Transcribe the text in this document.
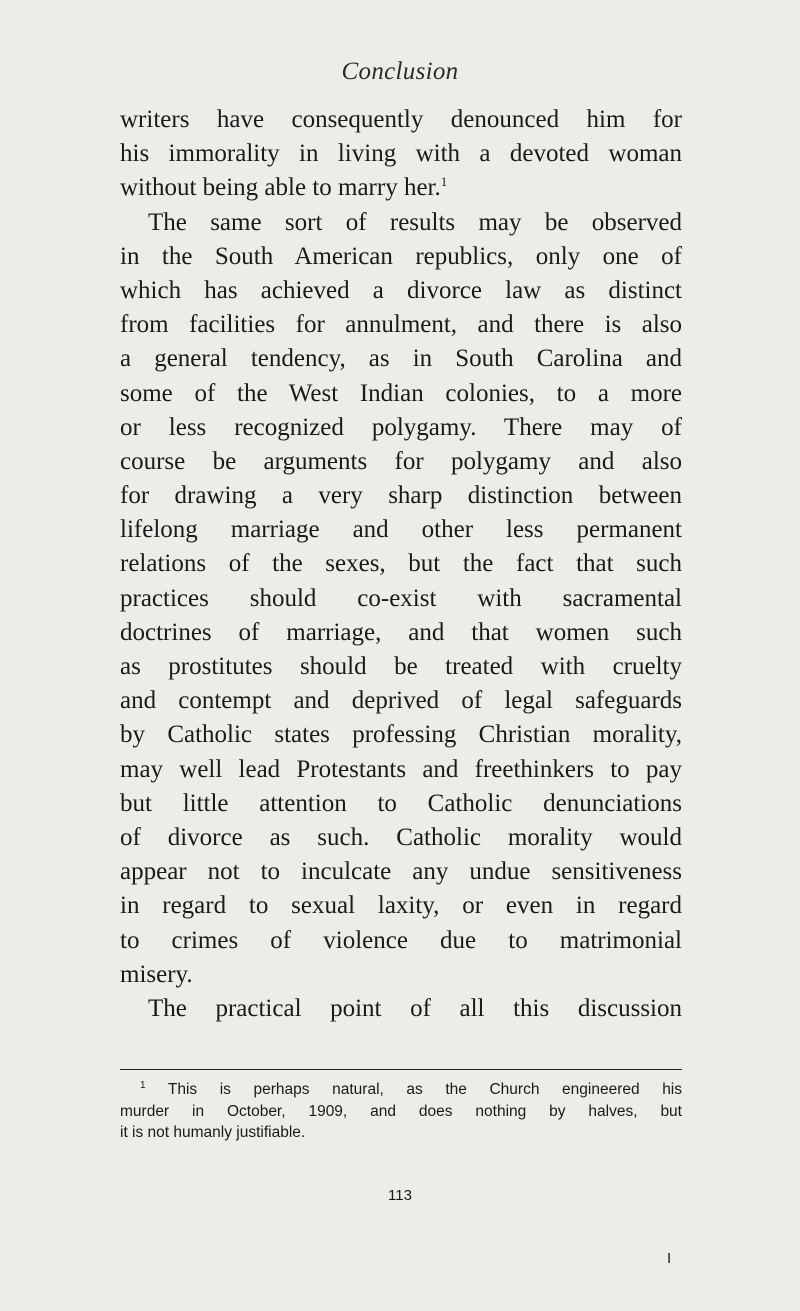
Conclusion
writers have consequently denounced him for
his immorality in living with a devoted woman
without being able to marry her.$^1$
The same sort of results may be observed
in the South American republics, only one of
which has achieved a divorce law as distinct
from facilities for annulment, and there is also
a general tendency, as in South Carolina and
some of the West Indian colonies, to a more
or less recognized polygamy. There may of
course be arguments for polygamy and also
for drawing a very sharp distinction between
lifelong marriage and other less permanent
relations of the sexes, but the fact that such
practices should co-exist with sacramental
doctrines of marriage, and that women such
as prostitutes should be treated with cruelty
and contempt and deprived of legal safeguards
by Catholic states professing Christian morality,
may well lead Protestants and freethinkers to pay
but little attention to Catholic denunciations
of divorce as such. Catholic morality would
appear not to inculcate any undue sensitiveness
in regard to sexual laxity, or even in regard
to crimes of violence due to matrimonial
misery.
The practical point of all this discussion
$^1$ This is perhaps natural, as the Church engineered his
murder in October, 1909, and does nothing by halves, but
it is not humanly justifiable.
113
I
